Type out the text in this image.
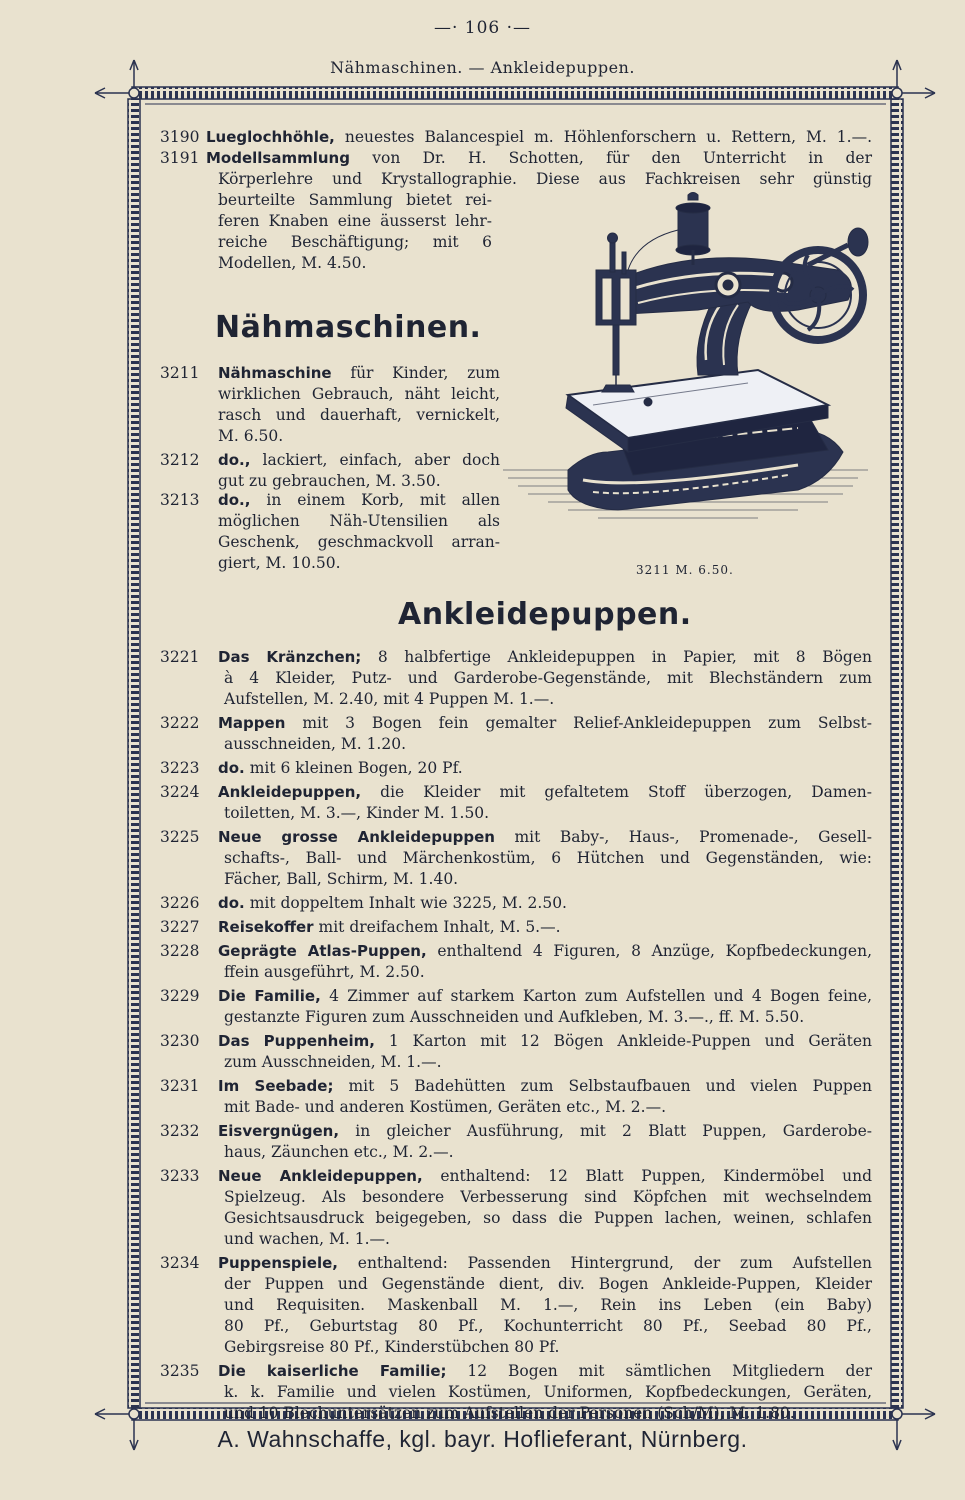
—· 106 ·—
Nähmaschinen. — Ankleidepuppen.
3190 Lueglochhöhle, neuestes Balancespiel m. Höhlenforschern u. Rettern, M. 1.—.
3191 Modellsammlung von Dr. H. Schotten, für den Unterricht in der
Körperlehre und Krystallographie. Diese aus Fachkreisen sehr günstig
beurteilte Sammlung bietet rei-
feren Knaben eine äusserst lehr-
reiche Beschäftigung; mit 6
Modellen, M. 4.50.
Nähmaschinen.
3211 Nähmaschine für Kinder, zum
wirklichen Gebrauch, näht leicht,
rasch und dauerhaft, vernickelt,
M. 6.50.
3212 do., lackiert, einfach, aber doch
gut zu gebrauchen, M. 3.50.
3213 do., in einem Korb, mit allen
möglichen Näh-Utensilien als
Geschenk, geschmackvoll arran-
giert, M. 10.50.	3211 M. 6.50.
Ankleidepuppen.
3221 Das Kränzchen; 8 halbfertige Ankleidepuppen in Papier, mit 8 Bögen
à 4 Kleider, Putz- und Garderobe-Gegenstände, mit Blechständern zum
Aufstellen, M. 2.40, mit 4 Puppen M. 1.—.
3222 Mappen mit 3 Bogen fein gemalter Relief-Ankleidepuppen zum Selbst-
ausschneiden, M. 1.20.
3223 do. mit 6 kleinen Bogen, 20 Pf.
3224 Ankleidepuppen, die Kleider mit gefaltetem Stoff überzogen, Damen-
toiletten, M. 3.—, Kinder M. 1.50.
3225 Neue grosse Ankleidepuppen mit Baby-, Haus-, Promenade-, Gesell-
schafts-, Ball- und Märchenkostüm, 6 Hütchen und Gegenständen, wie:
Fächer, Ball, Schirm, M. 1.40.
3226 do. mit doppeltem Inhalt wie 3225, M. 2.50.
3227 Reisekoffer mit dreifachem Inhalt, M. 5.—.
3228 Geprägte Atlas-Puppen, enthaltend 4 Figuren, 8 Anzüge, Kopfbedeckungen,
ffein ausgeführt, M. 2.50.
3229 Die Familie, 4 Zimmer auf starkem Karton zum Aufstellen und 4 Bogen feine,
gestanzte Figuren zum Ausschneiden und Aufkleben, M. 3.—., ff. M. 5.50.
3230 Das Puppenheim, 1 Karton mit 12 Bögen Ankleide-Puppen und Geräten
zum Ausschneiden, M. 1.—.
3231 Im Seebade; mit 5 Badehütten zum Selbstaufbauen und vielen Puppen
mit Bade- und anderen Kostümen, Geräten etc., M. 2.—.
3232 Eisvergnügen, in gleicher Ausführung, mit 2 Blatt Puppen, Garderobe-
haus, Zäunchen etc., M. 2.—.
3233 Neue Ankleidepuppen, enthaltend: 12 Blatt Puppen, Kindermöbel und
Spielzeug. Als besondere Verbesserung sind Köpfchen mit wechselndem
Gesichtsausdruck beigegeben, so dass die Puppen lachen, weinen, schlafen
und wachen, M. 1.—.
3234 Puppenspiele, enthaltend: Passenden Hintergrund, der zum Aufstellen
der Puppen und Gegenstände dient, div. Bogen Ankleide-Puppen, Kleider
und Requisiten. Maskenball M. 1.—, Rein ins Leben (ein Baby)
80 Pf., Geburtstag 80 Pf., Kochunterricht 80 Pf., Seebad 80 Pf.,
Gebirgsreise 80 Pf., Kinderstübchen 80 Pf.
3235 Die kaiserliche Familie; 12 Bogen mit sämtlichen Mitgliedern der
k. k. Familie und vielen Kostümen, Uniformen, Kopfbedeckungen, Geräten,
und 10 Blechuntersätzen zum Aufstellen der Personen (Sch/M), M. 1.80.
A. Wahnschaffe, kgl. bayr. Hoflieferant, Nürnberg.
